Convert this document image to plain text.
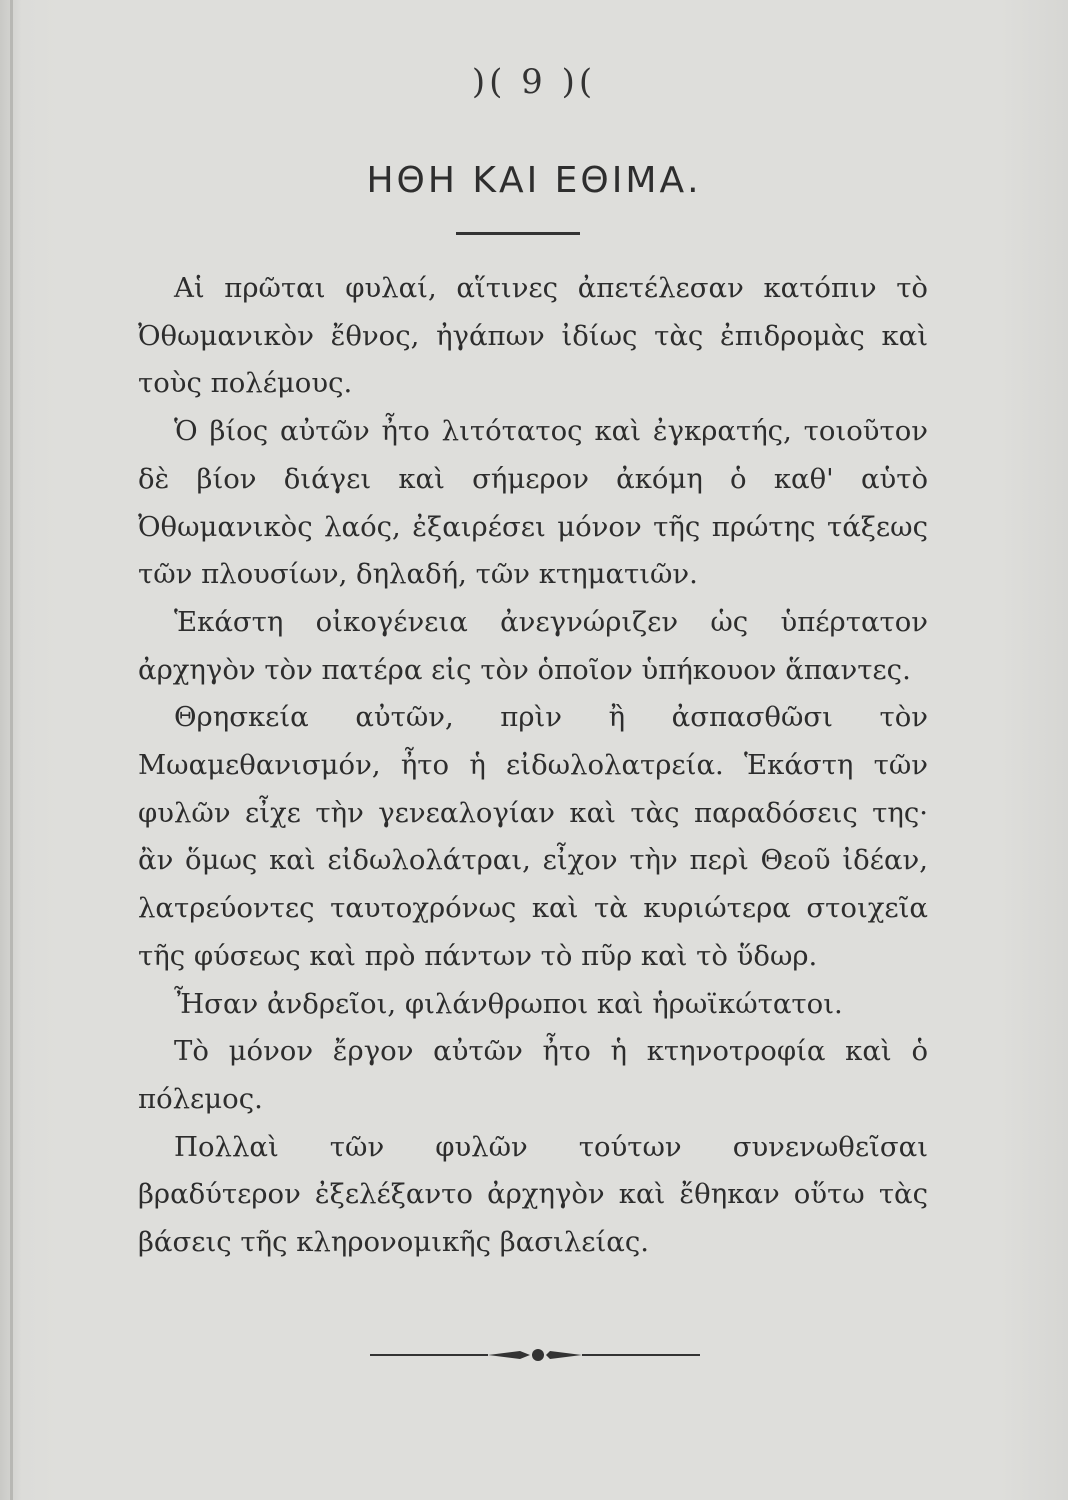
)( 9 )(
ΗΘΗ ΚΑΙ ΕΘΙΜΑ.

Αἱ πρῶται φυλαί, αἵτινες ἀπετέλεσαν κατόπιν τὸ Ὀθωμανικὸν ἔθνος, ἠγάπων ἰδίως τὰς ἐπιδρομὰς καὶ τοὺς πολέμους.

Ὁ βίος αὐτῶν ἦτο λιτότατος καὶ ἐγκρατής, τοιοῦτον δὲ βίον διάγει καὶ σήμερον ἀκόμη ὁ καθ' αὑτὸ Ὀθωμανικὸς λαός, ἐξαιρέσει μόνον τῆς πρώτης τάξεως τῶν πλουσίων, δηλαδή, τῶν κτηματιῶν.

Ἑκάστη οἰκογένεια ἀνεγνώριζεν ὡς ὑπέρτατον ἀρχηγὸν τὸν πατέρα εἰς τὸν ὁποῖον ὑπήκουον ἅπαντες.

Θρησκεία αὐτῶν, πρὶν ἢ ἀσπασθῶσι τὸν Μωαμεθανισμόν, ἦτο ἡ εἰδωλολατρεία. Ἑκάστη τῶν φυλῶν εἶχε τὴν γενεαλογίαν καὶ τὰς παραδόσεις της· ἂν ὅμως καὶ εἰδωλολάτραι, εἶχον τὴν περὶ Θεοῦ ἰδέαν, λατρεύοντες ταυτοχρόνως καὶ τὰ κυριώτερα στοιχεῖα τῆς φύσεως καὶ πρὸ πάντων τὸ πῦρ καὶ τὸ ὕδωρ.

Ἦσαν ἀνδρεῖοι, φιλάνθρωποι καὶ ἡρωϊκώτατοι.

Τὸ μόνον ἔργον αὐτῶν ἦτο ἡ κτηνοτροφία καὶ ὁ πόλεμος.

Πολλαὶ τῶν φυλῶν τούτων συνενωθεῖσαι βραδύτερον ἐξελέξαντο ἀρχηγὸν καὶ ἔθηκαν οὕτω τὰς βάσεις τῆς κληρονομικῆς βασιλείας.
